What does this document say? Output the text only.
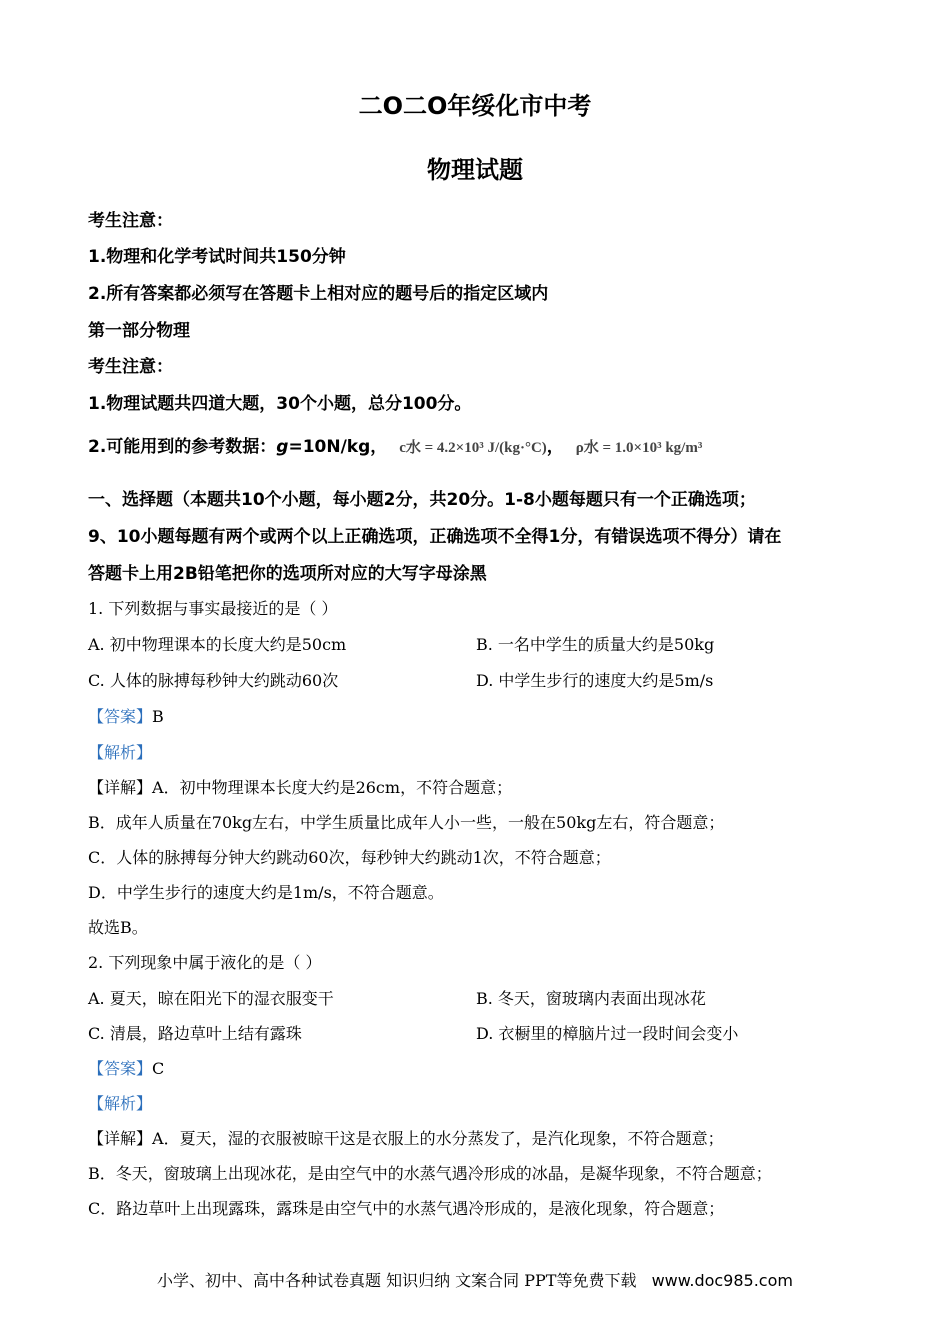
二O二O年绥化市中考
物理试题
考生注意：
1.物理和化学考试时间共150分钟
2.所有答案都必须写在答题卡上相对应的题号后的指定区域内
第一部分物理
考生注意：
1.物理试题共四道大题，30个小题，总分100分。
2.可能用到的参考数据：g=10N/kg， c水 = 4.2×10³ J/(kg·°C)， ρ水 = 1.0×10³ kg/m³
一、选择题（本题共10个小题，每小题2分，共20分。1-8小题每题只有一个正确选项；
9、10小题每题有两个或两个以上正确选项，正确选项不全得1分，有错误选项不得分）请在
答题卡上用2B铅笔把你的选项所对应的大写字母涂黑
1. 下列数据与事实最接近的是（ ）
A. 初中物理课本的长度大约是50cm	B. 一名中学生的质量大约是50kg
C. 人体的脉搏每秒钟大约跳动60次	D. 中学生步行的速度大约是5m/s
【答案】B
【解析】
【详解】A．初中物理课本长度大约是26cm，不符合题意；
B．成年人质量在70kg左右，中学生质量比成年人小一些，一般在50kg左右，符合题意；
C．人体的脉搏每分钟大约跳动60次，每秒钟大约跳动1次，不符合题意；
D．中学生步行的速度大约是1m/s，不符合题意。
故选B。
2. 下列现象中属于液化的是（ ）
A. 夏天，晾在阳光下的湿衣服变干	B. 冬天，窗玻璃内表面出现冰花
C. 清晨，路边草叶上结有露珠	D. 衣橱里的樟脑片过一段时间会变小
【答案】C
【解析】
【详解】A．夏天，湿的衣服被晾干这是衣服上的水分蒸发了，是汽化现象，不符合题意；
B．冬天，窗玻璃上出现冰花，是由空气中的水蒸气遇冷形成的冰晶，是凝华现象，不符合题意；
C．路边草叶上出现露珠，露珠是由空气中的水蒸气遇冷形成的，是液化现象，符合题意；
小学、初中、高中各种试卷真题 知识归纳 文案合同 PPT等免费下载 www.doc985.com
